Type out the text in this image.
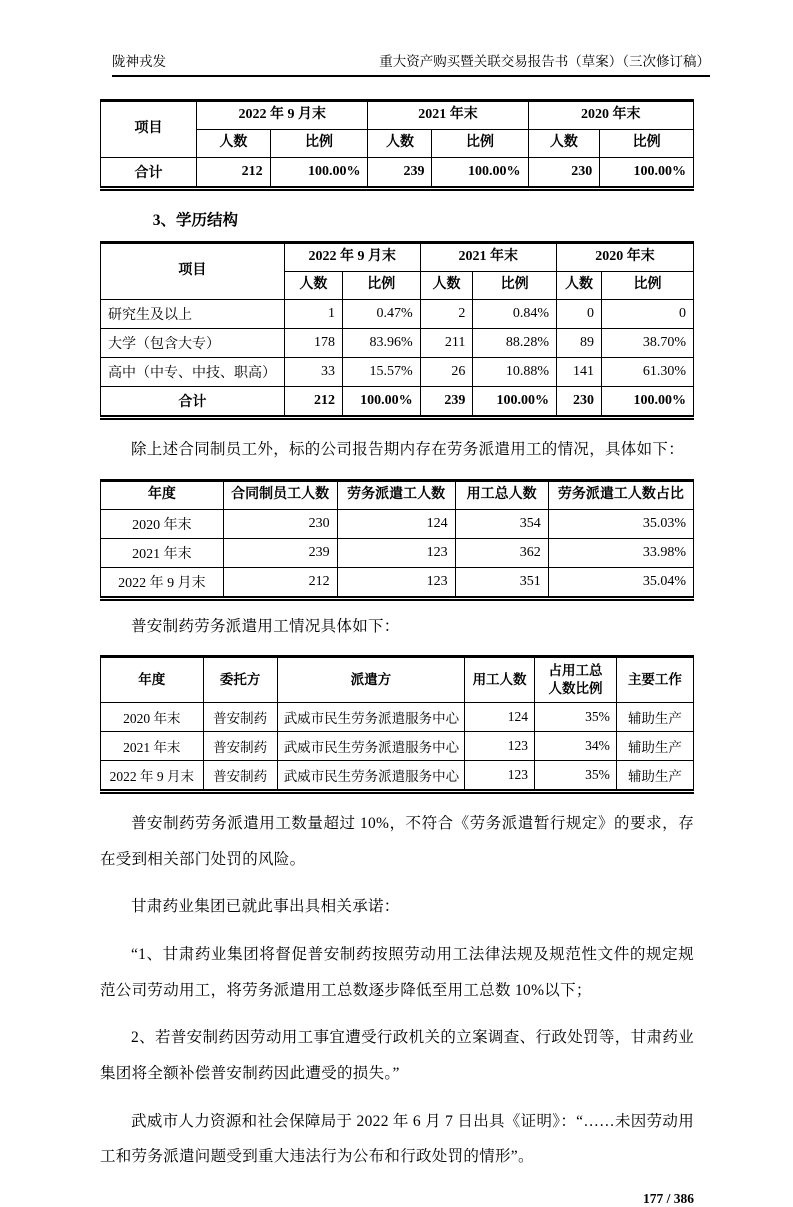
陇神戎发	重大资产购买暨关联交易报告书（草案）（三次修订稿）
项目	2022 年 9 月末		2021 年末		2020 年末	
	人数	比例	人数	比例	人数	比例
合计	212	100.00%	239	100.00%	230	100.00%
3、学历结构
项目	2022 年 9 月末		2021 年末		2020 年末	
	人数	比例	人数	比例	人数	比例
研究生及以上	1	0.47%	2	0.84%	0	0
大学（包含大专）	178	83.96%	211	88.28%	89	38.70%
高中（中专、中技、职高）	33	15.57%	26	10.88%	141	61.30%
合计	212	100.00%	239	100.00%	230	100.00%

除上述合同制员工外，标的公司报告期内存在劳务派遣用工的情况，具体如下：

年度	合同制员工人数	劳务派遣工人数	用工总人数	劳务派遣工人数占比
2020 年末	230	124	354	35.03%
2021 年末	239	123	362	33.98%
2022 年 9 月末	212	123	351	35.04%

普安制药劳务派遣用工情况具体如下：

年度	委托方	派遣方	用工人数	占用工总人数比例	主要工作
2020 年末	普安制药	武威市民生劳务派遣服务中心	124	35%	辅助生产
2021 年末	普安制药	武威市民生劳务派遣服务中心	123	34%	辅助生产
2022 年 9 月末	普安制药	武威市民生劳务派遣服务中心	123	35%	辅助生产

普安制药劳务派遣用工数量超过 10%，不符合《劳务派遣暂行规定》的要求，存在受到相关部门处罚的风险。

甘肃药业集团已就此事出具相关承诺：

“1、甘肃药业集团将督促普安制药按照劳动用工法律法规及规范性文件的规定规范公司劳动用工，将劳务派遣用工总数逐步降低至用工总数 10%以下；

2、若普安制药因劳动用工事宜遭受行政机关的立案调查、行政处罚等，甘肃药业集团将全额补偿普安制药因此遭受的损失。”

武威市人力资源和社会保障局于 2022 年 6 月 7 日出具《证明》：“……未因劳动用工和劳务派遣问题受到重大违法行为公布和行政处罚的情形”。

177 / 386
